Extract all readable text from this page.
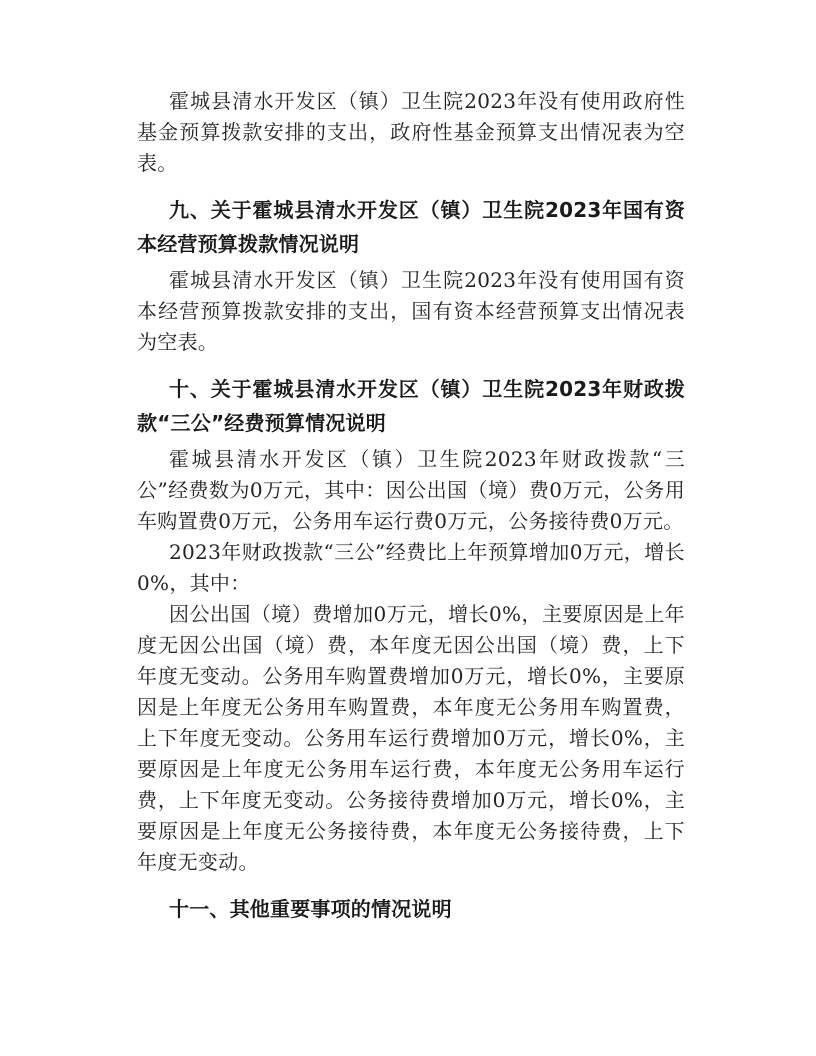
霍城县清水开发区（镇）卫生院2023年没有使用政府性基金预算拨款安排的支出，政府性基金预算支出情况表为空表。

九、关于霍城县清水开发区（镇）卫生院2023年国有资本经营预算拨款情况说明

霍城县清水开发区（镇）卫生院2023年没有使用国有资本经营预算拨款安排的支出，国有资本经营预算支出情况表为空表。

十、关于霍城县清水开发区（镇）卫生院2023年财政拨款“三公”经费预算情况说明

霍城县清水开发区（镇）卫生院2023年财政拨款“三公”经费数为0万元，其中：因公出国（境）费0万元，公务用车购置费0万元，公务用车运行费0万元，公务接待费0万元。

2023年财政拨款“三公”经费比上年预算增加0万元，增长0%，其中：

因公出国（境）费增加0万元，增长0%，主要原因是上年度无因公出国（境）费，本年度无因公出国（境）费，上下年度无变动。公务用车购置费增加0万元，增长0%，主要原因是上年度无公务用车购置费，本年度无公务用车购置费，上下年度无变动。公务用车运行费增加0万元，增长0%，主要原因是上年度无公务用车运行费，本年度无公务用车运行费，上下年度无变动。公务接待费增加0万元，增长0%，主要原因是上年度无公务接待费，本年度无公务接待费，上下年度无变动。

十一、其他重要事项的情况说明
